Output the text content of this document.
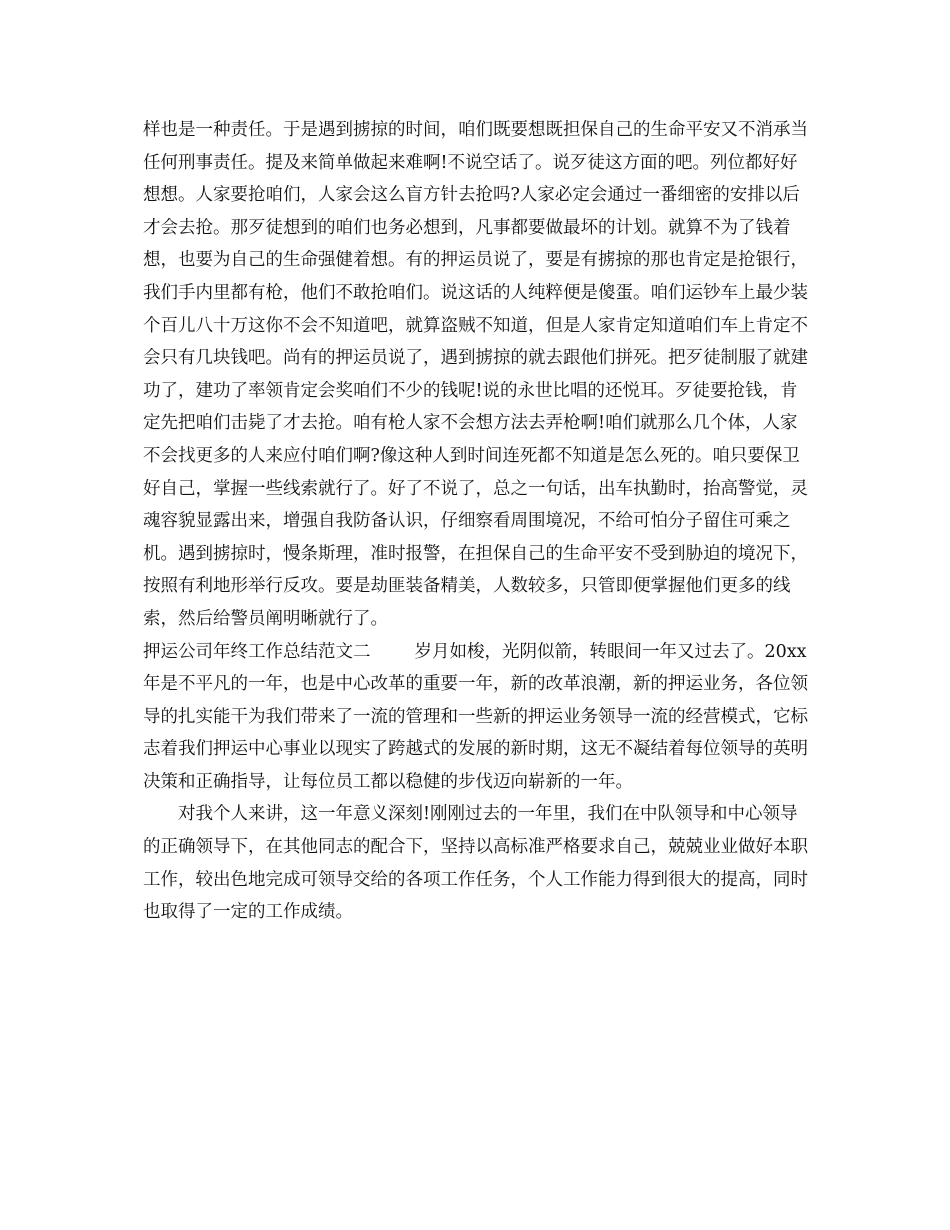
样也是一种责任。于是遇到掳掠的时间，咱们既要想既担保自己的生命平安又不消承当任何刑事责任。提及来简单做起来难啊!不说空话了。说歹徒这方面的吧。列位都好好想想。人家要抢咱们，人家会这么盲方针去抢吗?人家必定会通过一番细密的安排以后才会去抢。那歹徒想到的咱们也务必想到，凡事都要做最坏的计划。就算不为了钱着想，也要为自己的生命强健着想。有的押运员说了，要是有掳掠的那也肯定是抢银行，我们手内里都有枪，他们不敢抢咱们。说这话的人纯粹便是傻蛋。咱们运钞车上最少装个百儿八十万这你不会不知道吧，就算盗贼不知道，但是人家肯定知道咱们车上肯定不会只有几块钱吧。尚有的押运员说了，遇到掳掠的就去跟他们拼死。把歹徒制服了就建功了，建功了率领肯定会奖咱们不少的钱呢!说的永世比唱的还悦耳。歹徒要抢钱，肯定先把咱们击毙了才去抢。咱有枪人家不会想方法去弄枪啊!咱们就那么几个体，人家不会找更多的人来应付咱们啊?像这种人到时间连死都不知道是怎么死的。咱只要保卫好自己，掌握一些线索就行了。好了不说了，总之一句话，出车执勤时，抬高警觉，灵魂容貌显露出来，增强自我防备认识，仔细察看周围境况，不给可怕分子留住可乘之机。遇到掳掠时，慢条斯理，准时报警，在担保自己的生命平安不受到胁迫的境况下，按照有利地形举行反攻。要是劫匪装备精美，人数较多，只管即便掌握他们更多的线索，然后给警员阐明晰就行了。

押运公司年终工作总结范文二	岁月如梭，光阴似箭，转眼间一年又过去了。20xx年是不平凡的一年，也是中心改革的重要一年，新的改革浪潮，新的押运业务，各位领导的扎实能干为我们带来了一流的管理和一些新的押运业务领导一流的经营模式，它标志着我们押运中心事业以现实了跨越式的发展的新时期，这无不凝结着每位领导的英明决策和正确指导，让每位员工都以稳健的步伐迈向崭新的一年。

对我个人来讲，这一年意义深刻!刚刚过去的一年里，我们在中队领导和中心领导的正确领导下，在其他同志的配合下，坚持以高标准严格要求自己，兢兢业业做好本职工作，较出色地完成可领导交给的各项工作任务，个人工作能力得到很大的提高，同时也取得了一定的工作成绩。
